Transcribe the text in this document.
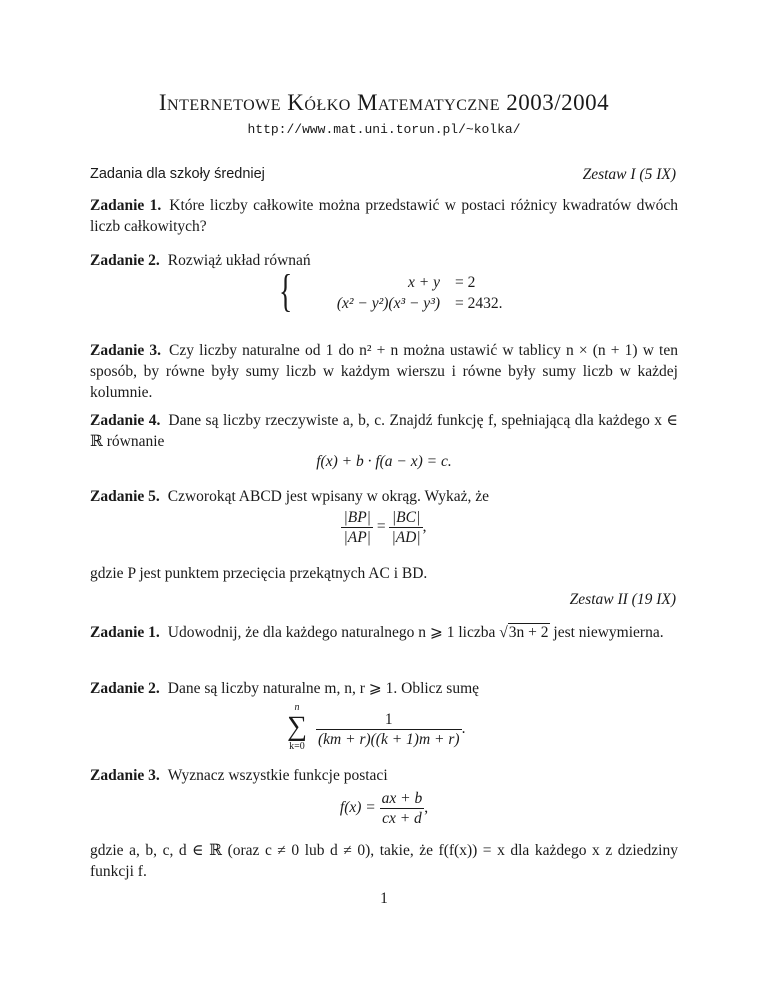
Internetowe Kółko Matematyczne 2003/2004
http://www.mat.uni.torun.pl/~kolka/
Zadania dla szkoły średniej	Zestaw I (5 IX)
Zadanie 1. Które liczby całkowite można przedstawić w postaci różnicy kwadratów dwóch liczb całkowitych?
Zadanie 2. Rozwiąż układ równań
{	x + y = 2
(x² − y²)(x³ − y³) = 2432.
Zadanie 3. Czy liczby naturalne od 1 do n² + n można ustawić w tablicy n × (n + 1) w ten sposób, by równe były sumy liczb w każdym wierszu i równe były sumy liczb w każdej kolumnie.
Zadanie 4. Dane są liczby rzeczywiste a, b, c. Znajdź funkcję f, spełniającą dla każdego x ∈ ℝ równanie
f(x) + b · f(a − x) = c.
Zadanie 5. Czworokąt ABCD jest wpisany w okrąg. Wykaż, że
$\frac{|BP|}{|AP|} = \frac{|BC|}{|AD|}$ ,
gdzie P jest punktem przecięcia przekątnych AC i BD.
Zestaw II (19 IX)
Zadanie 1. Udowodnij, że dla każdego naturalnego n ⩾ 1 liczba √3n + 2 jest niewymierna.
Zadanie 2. Dane są liczby naturalne m, n, r ⩾ 1. Oblicz sumę
n
∑
$k=0 \frac{1}{(km + r)((k + 1)m + r)}$ .
Zadanie 3. Wyznacz wszystkie funkcje postaci
$f(x) = \frac{ax + b}{cx + d}$ ,
gdzie a, b, c, d ∈ ℝ (oraz c ≠ 0 lub d ≠ 0), takie, że f(f(x)) = x dla każdego x z dziedziny funkcji f.
1
